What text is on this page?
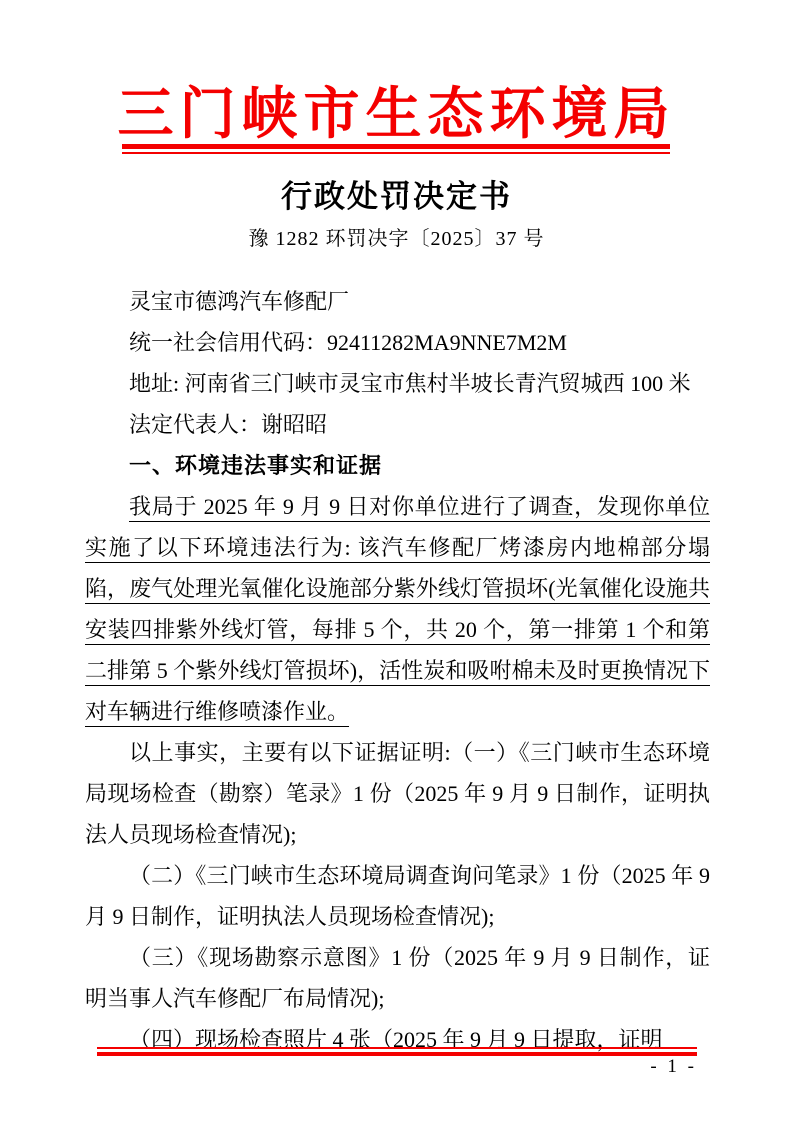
三门峡市生态环境局
行政处罚决定书
豫 1282 环罚决字〔2025〕37 号

灵宝市德鸿汽车修配厂

统一社会信用代码：92411282MA9NNE7M2M

地址: 河南省三门峡市灵宝市焦村半坡长青汽贸城西 100 米

法定代表人：谢昭昭

一、环境违法事实和证据

我局于 2025 年 9 月 9 日对你单位进行了调查，发现你单位实施了以下环境违法行为: 该汽车修配厂烤漆房内地棉部分塌陷，废气处理光氧催化设施部分紫外线灯管损坏(光氧催化设施共安装四排紫外线灯管，每排 5 个，共 20 个，第一排第 1 个和第二排第 5 个紫外线灯管损坏)，活性炭和吸咐棉未及时更换情况下对车辆进行维修喷漆作业。

以上事实，主要有以下证据证明:（一）《三门峡市生态环境局现场检查（勘察）笔录》1 份（2025 年 9 月 9 日制作，证明执法人员现场检查情况);

（二）《三门峡市生态环境局调查询问笔录》1 份（2025 年 9 月 9 日制作，证明执法人员现场检查情况);

（三）《现场勘察示意图》1 份（2025 年 9 月 9 日制作，证明当事人汽车修配厂布局情况);

（四）现场检查照片 4 张（2025 年 9 月 9 日提取，证明

- 1 -
